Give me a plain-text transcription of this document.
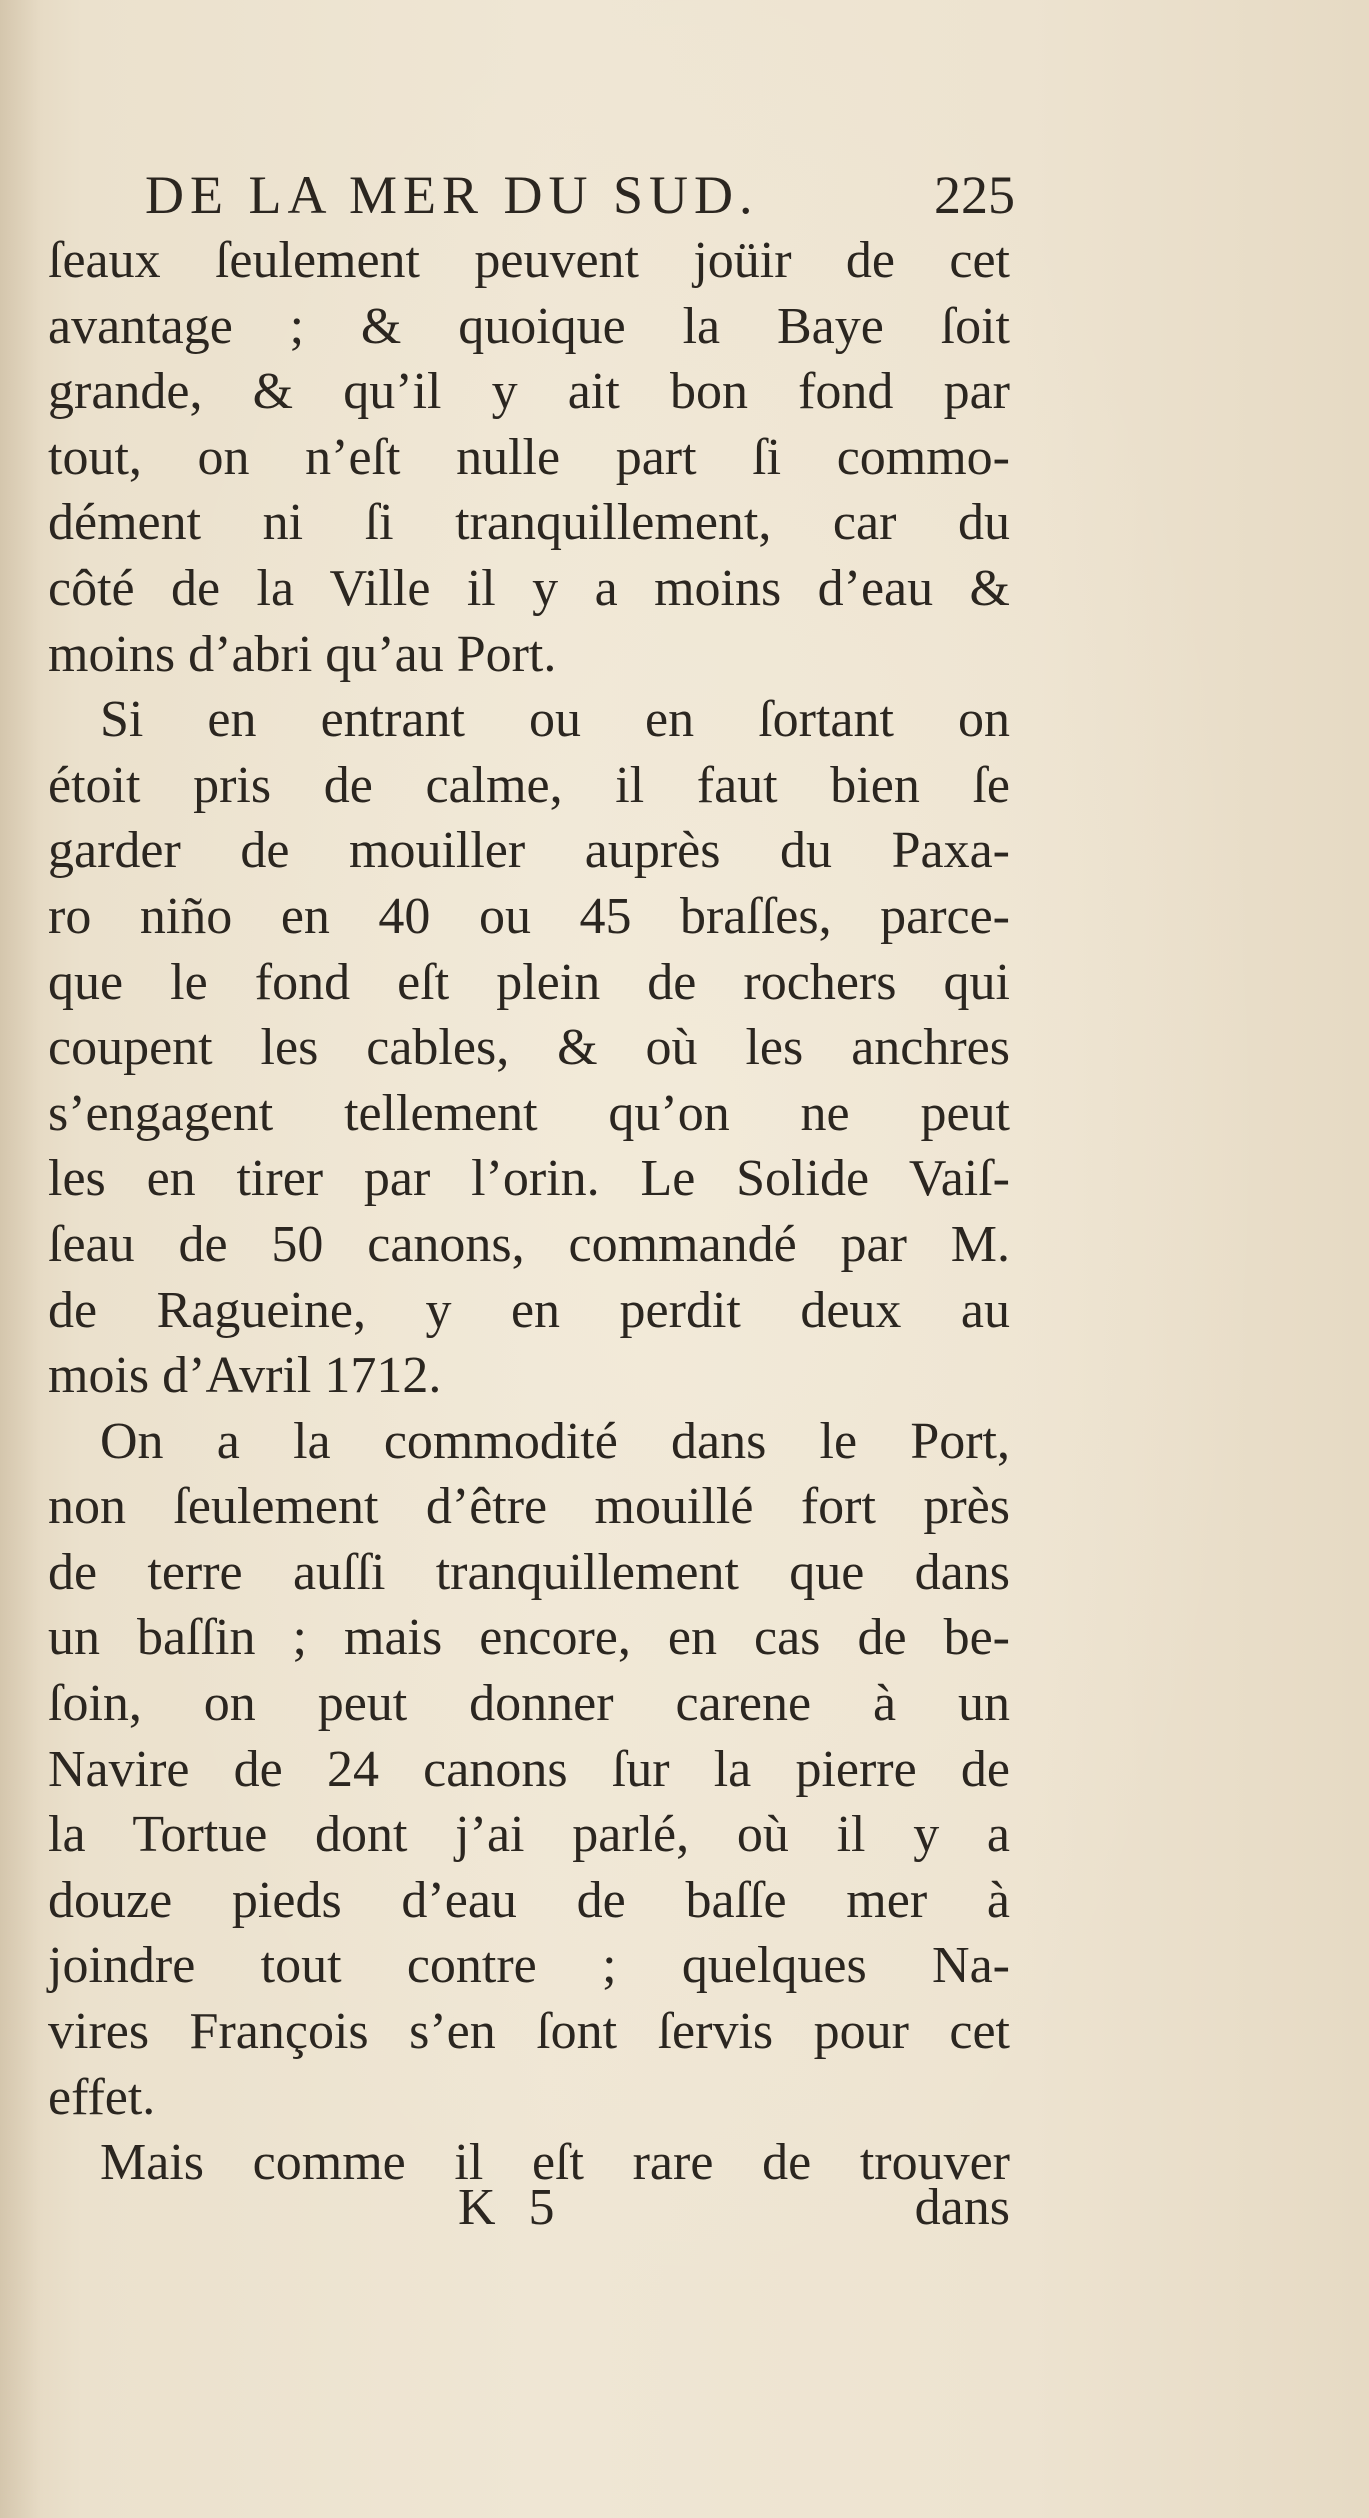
DE LA MER DU SUD.	225
ſeaux ſeulement peuvent joüir de cet
avantage ; & quoique la Baye ſoit
grande, & qu’il y ait bon fond par
tout, on n’eſt nulle part ſi commo-
dément ni ſi tranquillement, car du
côté de la Ville il y a moins d’eau &
moins d’abri qu’au Port.
Si en entrant ou en ſortant on
étoit pris de calme, il faut bien ſe
garder de mouiller auprès du Paxa-
ro niño en 40 ou 45 braſſes, parce-
que le fond eſt plein de rochers qui
coupent les cables, & où les anchres
s’engagent tellement qu’on ne peut
les en tirer par l’orin. Le Solide Vaiſ-
ſeau de 50 canons, commandé par M.
de Ragueine, y en perdit deux au
mois d’Avril 1712.
On a la commodité dans le Port,
non ſeulement d’être mouillé fort près
de terre auſſi tranquillement que dans
un baſſin ; mais encore, en cas de be-
ſoin, on peut donner carene à un
Navire de 24 canons ſur la pierre de
la Tortue dont j’ai parlé, où il y a
douze pieds d’eau de baſſe mer à
joindre tout contre ; quelques Na-
vires François s’en ſont ſervis pour cet
effet.
Mais comme il eſt rare de trouver
K 5	dans
